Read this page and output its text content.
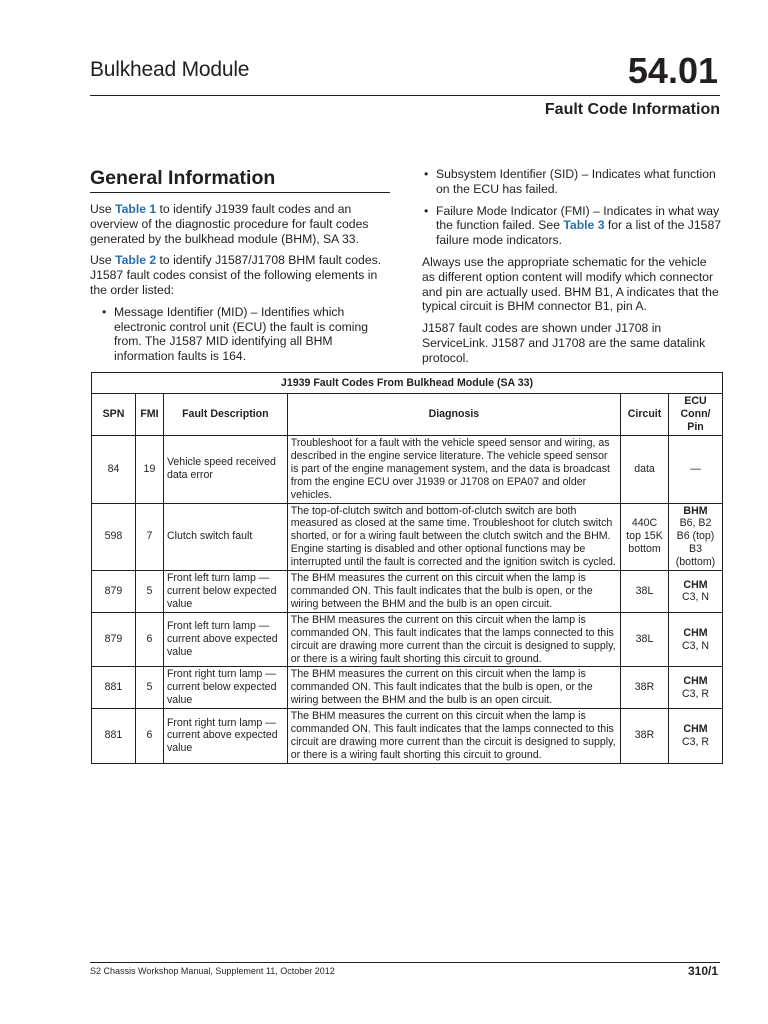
Bulkhead Module	54.01
Fault Code Information
General Information

Use Table 1 to identify J1939 fault codes and an overview of the diagnostic procedure for fault codes generated by the bulkhead module (BHM), SA 33.

Use Table 2 to identify J1587/J1708 BHM fault codes. J1587 fault codes consist of the following elements in the order listed:

• Message Identifier (MID) – Identifies which electronic control unit (ECU) the fault is coming from. The J1587 MID identifying all BHM information faults is 164.
• Subsystem Identifier (SID) – Indicates what function on the ECU has failed.
• Failure Mode Indicator (FMI) – Indicates in what way the function failed. See Table 3 for a list of the J1587 failure mode indicators.

Always use the appropriate schematic for the vehicle as different option content will modify which connector and pin are actually used. BHM B1, A indicates that the typical circuit is BHM connector B1, pin A.

J1587 fault codes are shown under J1708 in ServiceLink. J1587 and J1708 are the same datalink protocol.

J1939 Fault Codes From Bulkhead Module (SA 33)					
SPN	FMI	Fault Description	Diagnosis	Circuit	ECU Conn/ Pin
84	19	Vehicle speed received data error	Troubleshoot for a fault with the vehicle speed sensor and wiring, as described in the engine service literature. The vehicle speed sensor is part of the engine management system, and the data is broadcast from the engine ECU over J1939 or J1708 on EPA07 and older vehicles.	data	—
598	7	Clutch switch fault	The top-of-clutch switch and bottom-of-clutch switch are both measured as closed at the same time. Troubleshoot for clutch switch shorted, or for a wiring fault between the clutch switch and the BHM. Engine starting is disabled and other optional functions may be interrupted until the fault is corrected and the ignition switch is cycled.	440C top 15K bottom	BHM
B6, B2 B6 (top) B3 (bottom)
879	5	Front left turn lamp — current below expected value	The BHM measures the current on this circuit when the lamp is commanded ON. This fault indicates that the bulb is open, or the wiring between the BHM and the bulb is an open circuit.	38L	CHM
C3, N
879	6	Front left turn lamp — current above expected value	The BHM measures the current on this circuit when the lamp is commanded ON. This fault indicates that the lamps connected to this circuit are drawing more current than the circuit is designed to supply, or there is a wiring fault shorting this circuit to ground.	38L	CHM
C3, N
881	5	Front right turn lamp — current below expected value	The BHM measures the current on this circuit when the lamp is commanded ON. This fault indicates that the bulb is open, or the wiring between the BHM and the bulb is an open circuit.	38R	CHM
C3, R
881	6	Front right turn lamp — current above expected value	The BHM measures the current on this circuit when the lamp is commanded ON. This fault indicates that the lamps connected to this circuit are drawing more current than the circuit is designed to supply, or there is a wiring fault shorting this circuit to ground.	38R	CHM
C3, R
S2 Chassis Workshop Manual, Supplement 11, October 2012	310/1
